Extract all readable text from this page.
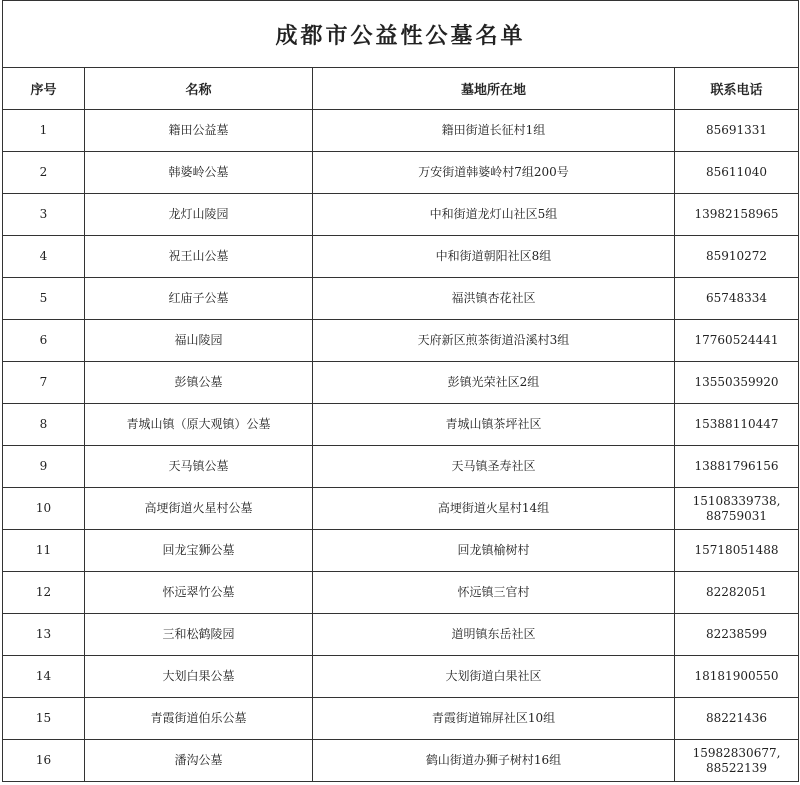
成都市公益性公墓名单			
序号	名称	墓地所在地	联系电话
1	籍田公益墓	籍田街道长征村1组	85691331

2	韩婆岭公墓	万安街道韩婆岭村7组200号	85611040

3	龙灯山陵园	中和街道龙灯山社区5组	13982158965

4	祝王山公墓	中和街道朝阳社区8组	85910272

5	红庙子公墓	福洪镇杏花社区	65748334

6	福山陵园	天府新区煎茶街道沿溪村3组	17760524441

7	彭镇公墓	彭镇光荣社区2组	13550359920

8	青城山镇（原大观镇）公墓	青城山镇茶坪社区	15388110447

9	天马镇公墓	天马镇圣寿社区	13881796156

10	高埂街道火星村公墓	高埂街道火星村14组	15108339738,
88759031

11	回龙宝狮公墓	回龙镇榆树村	15718051488

12	怀远翠竹公墓	怀远镇三官村	82282051

13	三和松鹤陵园	道明镇东岳社区	82238599

14	大划白果公墓	大划街道白果社区	18181900550

15	青霞街道伯乐公墓	青霞街道锦屏社区10组	88221436

16	潘沟公墓	鹤山街道办狮子树村16组	15982830677,
88522139
